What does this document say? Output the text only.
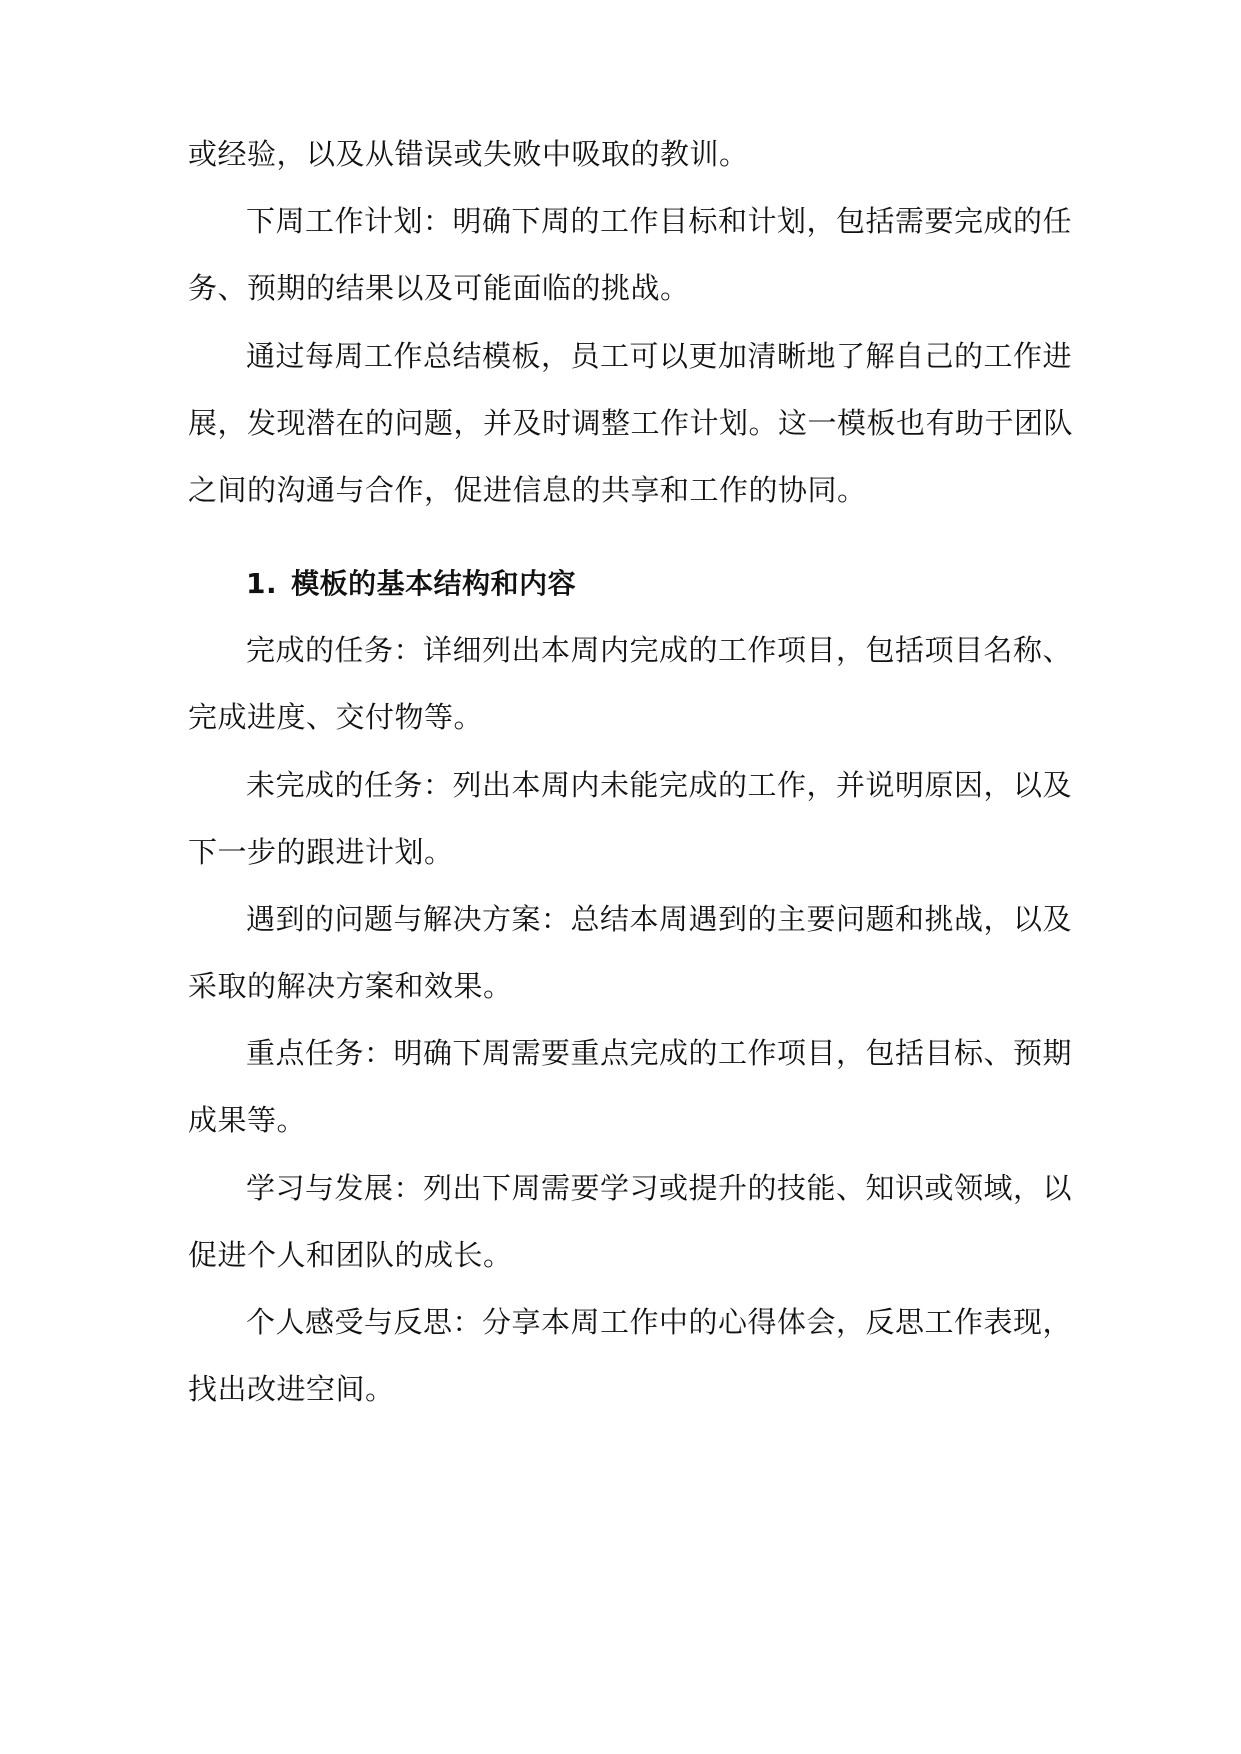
或经验，以及从错误或失败中吸取的教训。
下周工作计划：明确下周的工作目标和计划，包括需要完成的任
务、预期的结果以及可能面临的挑战。
通过每周工作总结模板，员工可以更加清晰地了解自己的工作进
展，发现潜在的问题，并及时调整工作计划。这一模板也有助于团队
之间的沟通与合作，促进信息的共享和工作的协同。
1. 模板的基本结构和内容
完成的任务：详细列出本周内完成的工作项目，包括项目名称、
完成进度、交付物等。
未完成的任务：列出本周内未能完成的工作，并说明原因，以及
下一步的跟进计划。
遇到的问题与解决方案：总结本周遇到的主要问题和挑战，以及
采取的解决方案和效果。
重点任务：明确下周需要重点完成的工作项目，包括目标、预期
成果等。
学习与发展：列出下周需要学习或提升的技能、知识或领域，以
促进个人和团队的成长。
个人感受与反思：分享本周工作中的心得体会，反思工作表现，
找出改进空间。
